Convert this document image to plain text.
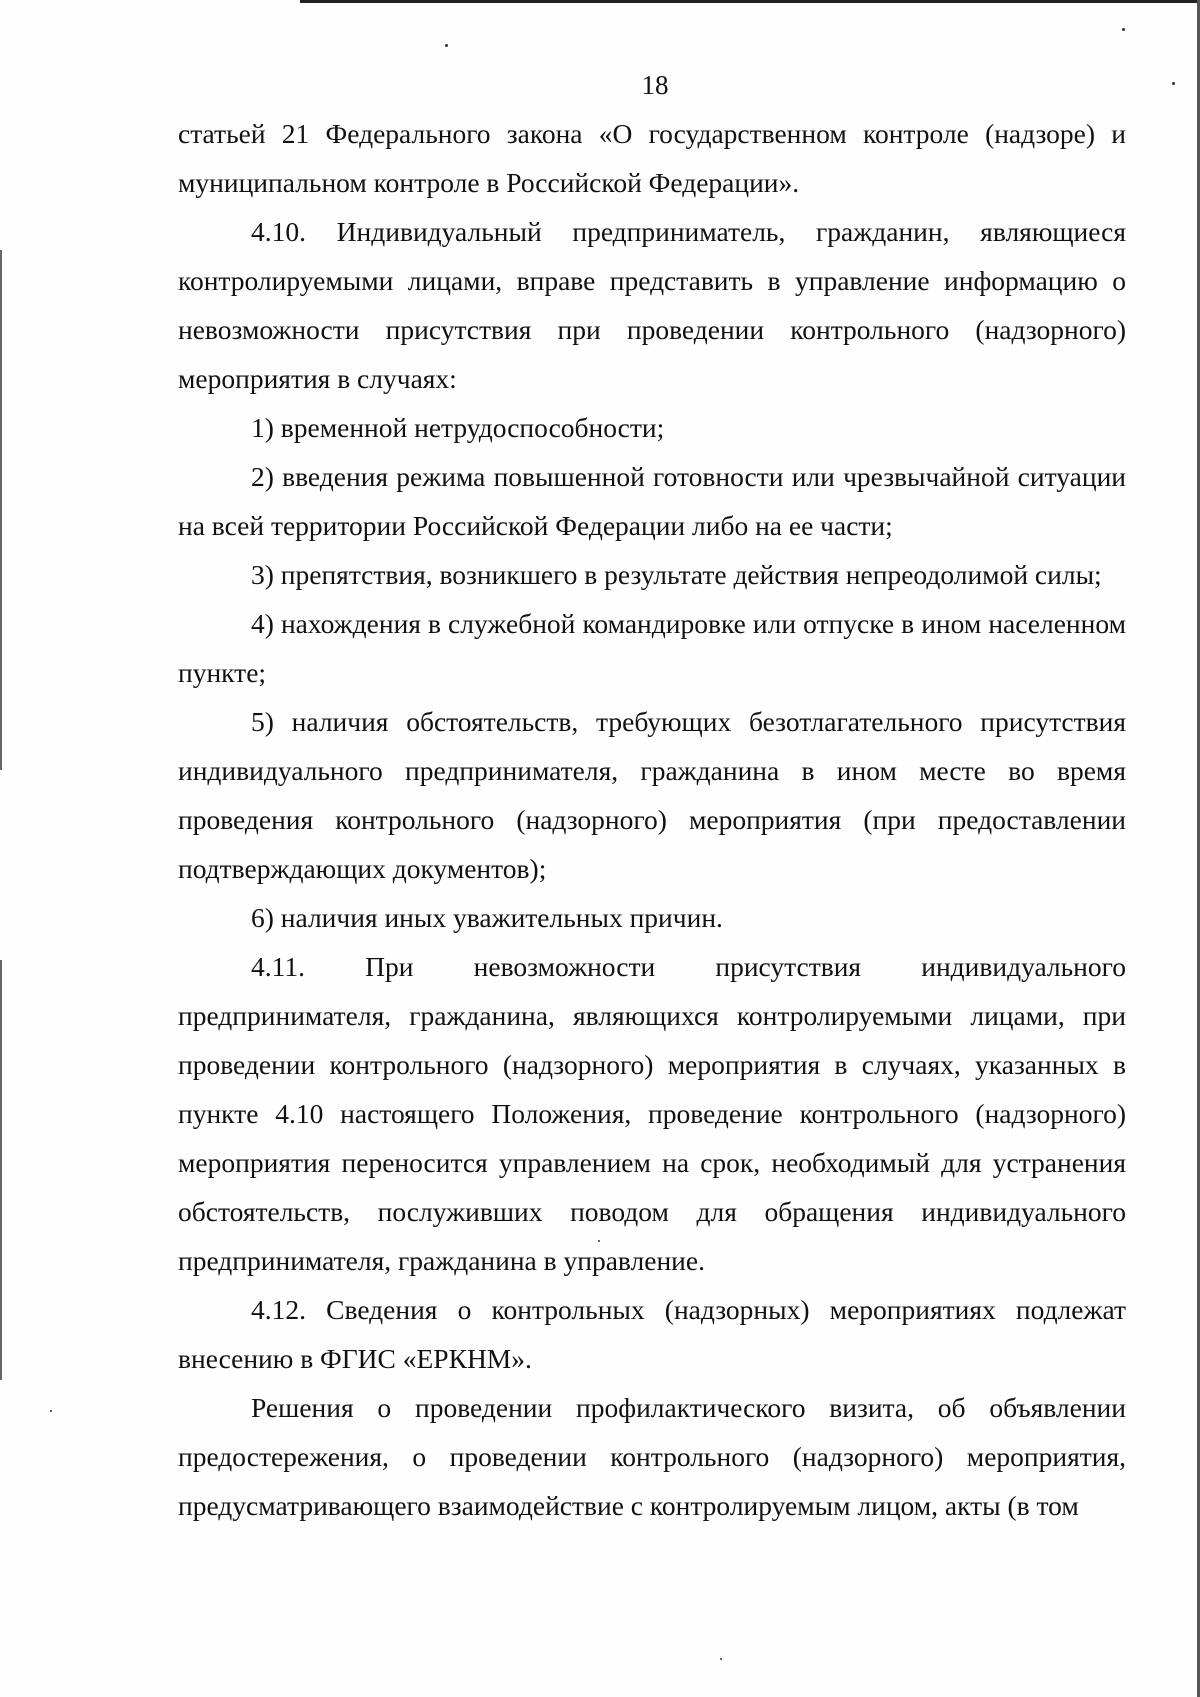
18

статьей 21 Федерального закона «О государственном контроле (надзоре) и муниципальном контроле в Российской Федерации».

4.10. Индивидуальный предприниматель, гражданин, являющиеся контролируемыми лицами, вправе представить в управление информацию о невозможности присутствия при проведении контрольного (надзорного) мероприятия в случаях:

1) временной нетрудоспособности;

2) введения режима повышенной готовности или чрезвычайной ситуации на всей территории Российской Федерации либо на ее части;

3) препятствия, возникшего в результате действия непреодолимой силы;

4) нахождения в служебной командировке или отпуске в ином населенном пункте;

5) наличия обстоятельств, требующих безотлагательного присутствия индивидуального предпринимателя, гражданина в ином месте во время проведения контрольного (надзорного) мероприятия (при предоставлении подтверждающих документов);

6) наличия иных уважительных причин.

4.11. При невозможности присутствия индивидуального предпринимателя, гражданина, являющихся контролируемыми лицами, при проведении контрольного (надзорного) мероприятия в случаях, указанных в пункте 4.10 настоящего Положения, проведение контрольного (надзорного) мероприятия переносится управлением на срок, необходимый для устранения обстоятельств, послуживших поводом для обращения индивидуального предпринимателя, гражданина в управление.

4.12. Сведения о контрольных (надзорных) мероприятиях подлежат внесению в ФГИС «ЕРКНМ».

Решения о проведении профилактического визита, об объявлении предостережения, о проведении контрольного (надзорного) мероприятия, предусматривающего взаимодействие с контролируемым лицом, акты (в том
